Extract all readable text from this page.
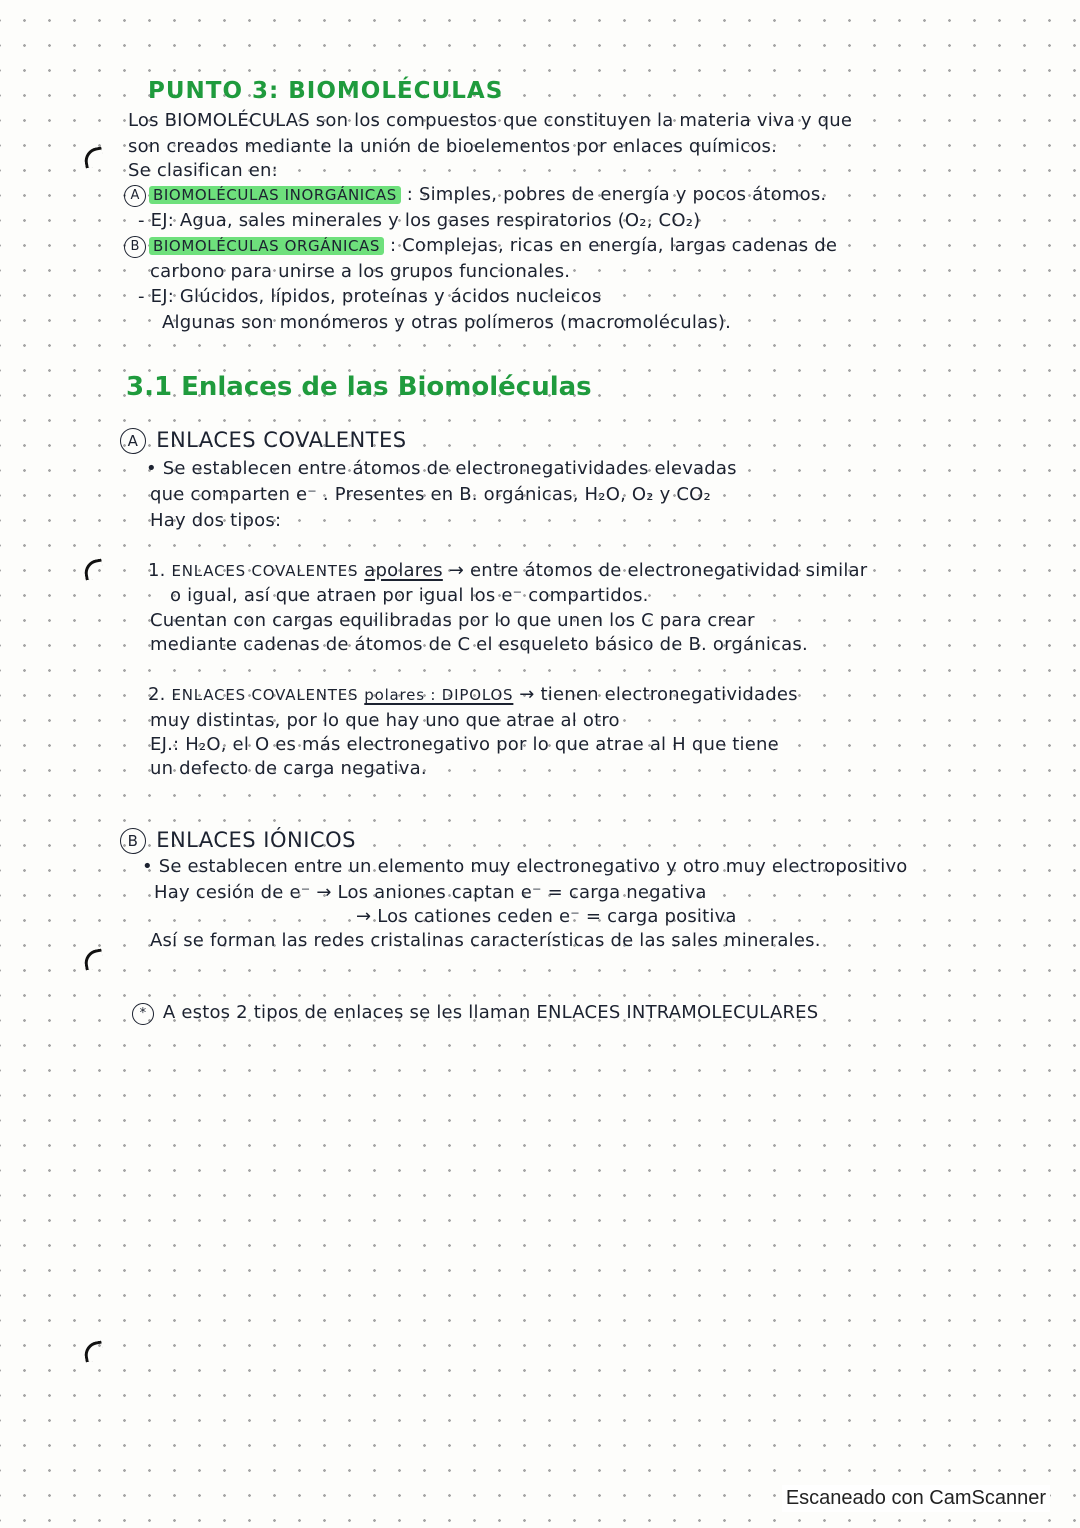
PUNTO 3: BIOMOLÉCULAS
Los BIOMOLÉCULAS son los compuestos que constituyen la materia viva y que
son creados mediante la unión de bioelementos por enlaces químicos.
Se clasifican en:
A BIOMOLÉCULAS INORGÁNICAS : Simples, pobres de energía y pocos átomos.
- EJ: Agua, sales minerales y los gases respiratorios (O₂, CO₂)
B BIOMOLÉCULAS ORGÁNICAS : Complejas, ricas en energía, largas cadenas de
carbono para unirse a los grupos funcionales.
- EJ: Glúcidos, lípidos, proteínas y ácidos nucleicos
Algunas son monómeros y otras polímeros (macromoléculas).
3.1 Enlaces de las Biomoléculas
A ENLACES COVALENTES
• Se establecen entre átomos de electronegatividades elevadas
que comparten e⁻ . Presentes en B. orgánicas, H₂O, O₂ y CO₂
Hay dos tipos:
1. ENLACES COVALENTES apolares → entre átomos de electronegatividad similar
o igual, así que atraen por igual los e⁻ compartidos.
Cuentan con cargas equilibradas por lo que unen los C para crear
mediante cadenas de átomos de C el esqueleto básico de B. orgánicas.
2. ENLACES COVALENTES polares : DIPOLOS → tienen electronegatividades
muy distintas, por lo que hay uno que atrae al otro
EJ.: H₂O, el O es más electronegativo por lo que atrae al H que tiene
un defecto de carga negativa.
B ENLACES IÓNICOS
• Se establecen entre un elemento muy electronegativo y otro muy electropositivo
Hay cesión de e⁻ → Los aniones captan e⁻ = carga negativa
→ Los cationes ceden e⁻ = carga positiva
Así se forman las redes cristalinas características de las sales minerales.
* A estos 2 tipos de enlaces se les llaman ENLACES INTRAMOLECULARES
Escaneado con CamScanner
